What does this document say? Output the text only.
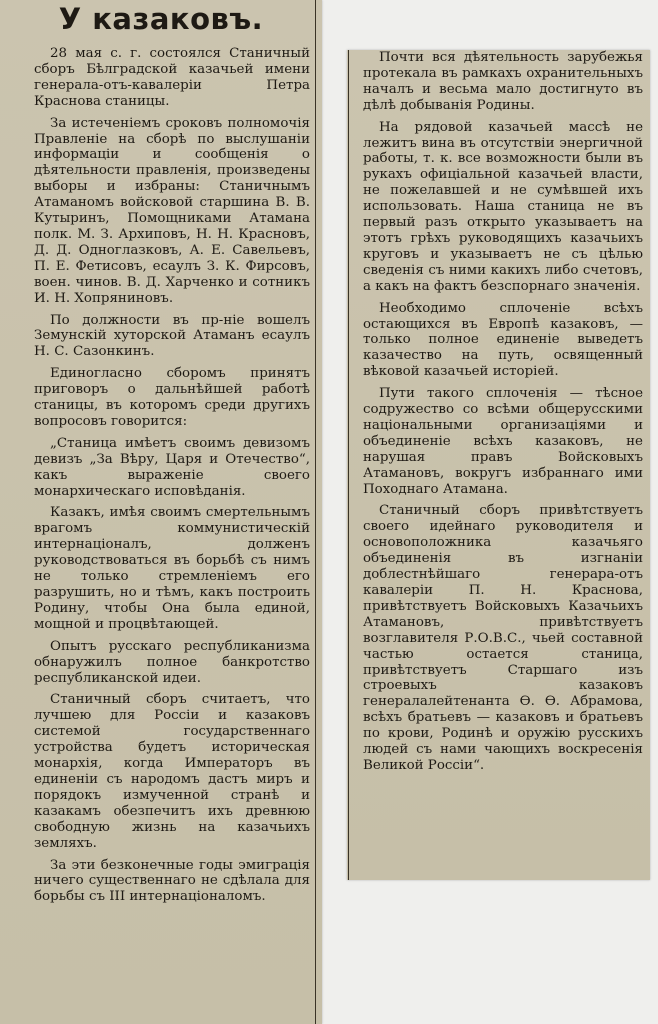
У казаковъ.

28 мая с. г. состоялся Станичный сборъ Бѣлградской казачьей имени генерала-отъ-кавалеріи Петра Краснова станицы.

За истеченіемъ сроковъ полномочія Правленіе на сборѣ по выслушаніи информаціи и сообщенія о дѣятельности правленія, произведены выборы и избраны: Станичнымъ Атаманомъ войсковой старшина В. В. Кутыринъ, Помощниками Атамана полк. М. З. Архиповъ, Н. Н. Красновъ, Д. Д. Одноглазковъ, А. Е. Савельевъ, П. Е. Фетисовъ, есаулъ З. К. Фирсовъ, воен. чинов. В. Д. Харченко и сотникъ И. Н. Хопряниновъ.

По должности въ пр-ніе вошелъ Земунскій хуторской Атаманъ есаулъ Н. С. Сазонкинъ.

Единогласно сборомъ принятъ приговоръ о дальнѣйшей работѣ станицы, въ которомъ среди другихъ вопросовъ говорится:

„Станица имѣетъ своимъ девизомъ девизъ „За Вѣру, Царя и Отечество“, какъ выраженіе своего монархическаго исповѣданія.

Казакъ, имѣя своимъ смертельнымъ врагомъ коммунистическій интернаціоналъ, долженъ руководствоваться въ борьбѣ съ нимъ не только стремленіемъ его разрушить, но и тѣмъ, какъ построить Родину, чтобы Она была единой, мощной и процвѣтающей.

Опытъ русскаго республиканизма обнаружилъ полное банкротство республиканской идеи.

Станичный сборъ считаетъ, что лучшею для Россіи и казаковъ системой государственнаго устройства будетъ историческая монархія, когда Императоръ въ единеніи съ народомъ дастъ миръ и порядокъ измученной странѣ и казакамъ обезпечитъ ихъ древнюю свободную жизнь на казачьихъ земляхъ.

За эти безконечные годы эмиграція ничего существеннаго не сдѣлала для борьбы съ III интернаціоналомъ.

Почти вся дѣятельность зарубежья протекала въ рамкахъ охранительныхъ началъ и весьма мало достигнуто въ дѣлѣ добыванія Родины.

На рядовой казачьей массѣ не лежитъ вина въ отсутствіи энергичной работы, т. к. все возможности были въ рукахъ офиціальной казачьей власти, не пожелавшей и не сумѣвшей ихъ использовать. Наша станица не въ первый разъ открыто указываетъ на этотъ грѣхъ руководящихъ казачьихъ круговъ и указываетъ не съ цѣлью сведенія съ ними какихъ либо счетовъ, а какъ на фактъ безспорнаго значенія.

Необходимо сплоченіе всѣхъ остающихся въ Европѣ казаковъ, — только полное единеніе выведетъ казачество на путь, освященный вѣковой казачьей исторіей.

Пути такого сплоченія — тѣсное содружество со всѣми общерусскими національными организаціями и объединеніе всѣхъ казаковъ, не нарушая правъ Войсковыхъ Атамановъ, вокругъ избраннаго ими Походнаго Атамана.

Станичный сборъ привѣтствуетъ своего идейнаго руководителя и основоположника казачьяго объединенія въ изгнаніи доблестнѣйшаго генерара-отъ кавалеріи П. Н. Краснова, привѣтствуетъ Войсковыхъ Казачьихъ Атамановъ, привѣтствуетъ возглавителя Р.О.В.С., чьей составной частью остается станица, привѣтствуетъ Старшаго изъ строевыхъ казаковъ генералалейтенанта Ѳ. Ѳ. Абрамова, всѣхъ братьевъ — казаковъ и братьевъ по крови, Родинѣ и оружію русскихъ людей съ нами чающихъ воскресенія Великой Россіи“.
